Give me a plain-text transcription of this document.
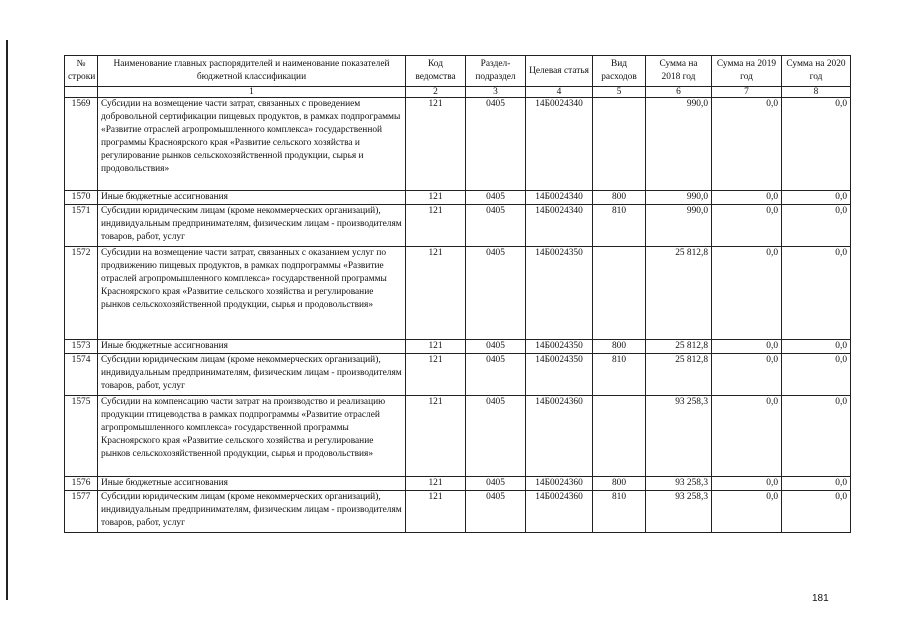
№ строки	Наименование главных распорядителей и наименование показателей бюджетной классификации	Код ведомства	Раздел-подраздел	Целевая статья	Вид расходов	Сумма на 2018 год	Сумма на 2019 год	Сумма на 2020 год
	1	2	3	4	5	6	7	8
1569	Субсидии на возмещение части затрат, связанных с проведением добровольной сертификации пищевых продуктов, в рамках подпрограммы «Развитие отраслей агропромышленного комплекса» государственной программы Красноярского края «Развитие сельского хозяйства и регулирование рынков сельскохозяйственной продукции, сырья и продовольствия»	121	0405	14Б0024340		990,0	0,0	0,0
1570	Иные бюджетные ассигнования	121	0405	14Б0024340	800	990,0	0,0	0,0
1571	Субсидии юридическим лицам (кроме некоммерческих организаций), индивидуальным предпринимателям, физическим лицам - производителям товаров, работ, услуг	121	0405	14Б0024340	810	990,0	0,0	0,0
1572	Субсидии на возмещение части затрат, связанных с оказанием услуг по продвижению пищевых продуктов, в рамках подпрограммы «Развитие отраслей агропромышленного комплекса» государственной программы Красноярского края «Развитие сельского хозяйства и регулирование рынков сельскохозяйственной продукции, сырья и продовольствия»	121	0405	14Б0024350		25 812,8	0,0	0,0
1573	Иные бюджетные ассигнования	121	0405	14Б0024350	800	25 812,8	0,0	0,0
1574	Субсидии юридическим лицам (кроме некоммерческих организаций), индивидуальным предпринимателям, физическим лицам - производителям товаров, работ, услуг	121	0405	14Б0024350	810	25 812,8	0,0	0,0
1575	Субсидии на компенсацию части затрат на производство и реализацию продукции птицеводства в рамках подпрограммы «Развитие отраслей агропромышленного комплекса» государственной программы Красноярского края «Развитие сельского хозяйства и регулирование рынков сельскохозяйственной продукции, сырья и продовольствия»	121	0405	14Б0024360		93 258,3	0,0	0,0
1576	Иные бюджетные ассигнования	121	0405	14Б0024360	800	93 258,3	0,0	0,0
1577	Субсидии юридическим лицам (кроме некоммерческих организаций), индивидуальным предпринимателям, физическим лицам - производителям товаров, работ, услуг	121	0405	14Б0024360	810	93 258,3	0,0	0,0
181
